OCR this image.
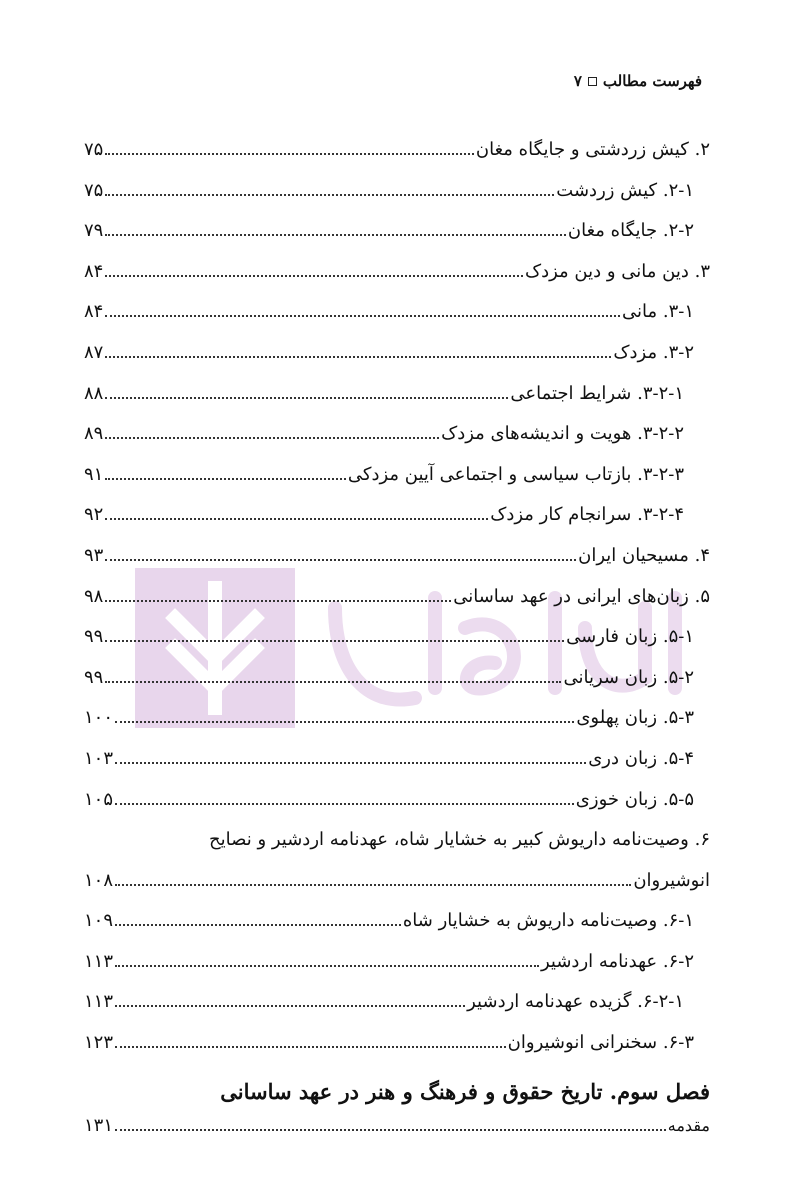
فهرست مطالب
۷
۲. کیش زردشتی و جایگاه مغان
۷۵
۲-۱. کیش زردشت
۷۵
۲-۲. جایگاه مغان
۷۹
۳. دین مانی و دین مزدک
۸۴
۳-۱. مانی
۸۴
۳-۲. مزدک
۸۷
۳-۲-۱. شرایط اجتماعی
۸۸
۳-۲-۲. هویت و اندیشه‌های مزدک
۸۹
۳-۲-۳. بازتاب سیاسی و اجتماعی آیین مزدکی
۹۱
۳-۲-۴. سرانجام کار مزدک
۹۲
۴. مسیحیان ایران
۹۳
۵. زبان‌های ایرانی در عهد ساسانی
۹۸
۵-۱. زبان فارسی
۹۹
۵-۲. زبان سریانی
۹۹
۵-۳. زبان پهلوی
۱۰۰
۵-۴. زبان دری
۱۰۳
۵-۵. زبان خوزی
۱۰۵
۶. وصیت‌نامه داریوش کبیر به خشایار شاه، عهدنامه اردشیر و نصایح
انوشیروان
۱۰۸
۶-۱. وصیت‌نامه داریوش به خشایار شاه
۱۰۹
۶-۲. عهدنامه اردشیر
۱۱۳
۶-۲-۱. گزیده عهدنامه اردشیر
۱۱۳
۶-۳. سخنرانی انوشیروان
۱۲۳
فصل سوم. تاریخ حقوق و فرهنگ و هنر در عهد ساسانی
مقدمه
۱۳۱
